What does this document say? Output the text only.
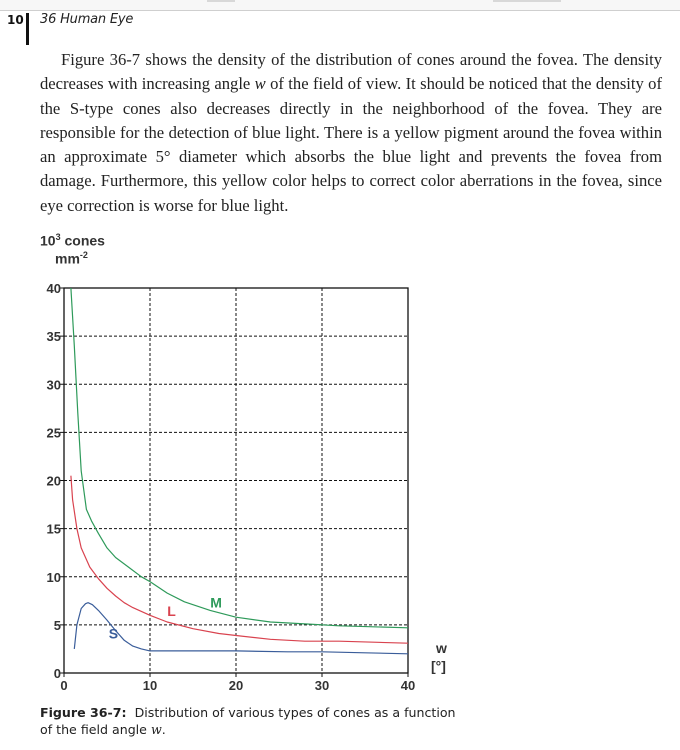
10 36 Human Eye

Figure 36-7 shows the density of the distribution of cones around the fovea. The density decreases with increasing angle w of the field of view. It should be noticed that the density of the S-type cones also decreases directly in the neighborhood of the fovea. They are responsible for the detection of blue light. There is a yellow pigment around the fovea within an approximate 5° diameter which absorbs the blue light and prevents the fovea from damage. Furthermore, this yellow color helps to correct color aberrations in the fovea, since eye correction is worse for blue light.

$10^3$ cones
$mm^{-2}$
0
5
10
15
20
25
30
35
40
0	10	20	30	40
M
L
S
w
[°]
Figure 36-7: Distribution of various types of cones as a function of the field angle w.
